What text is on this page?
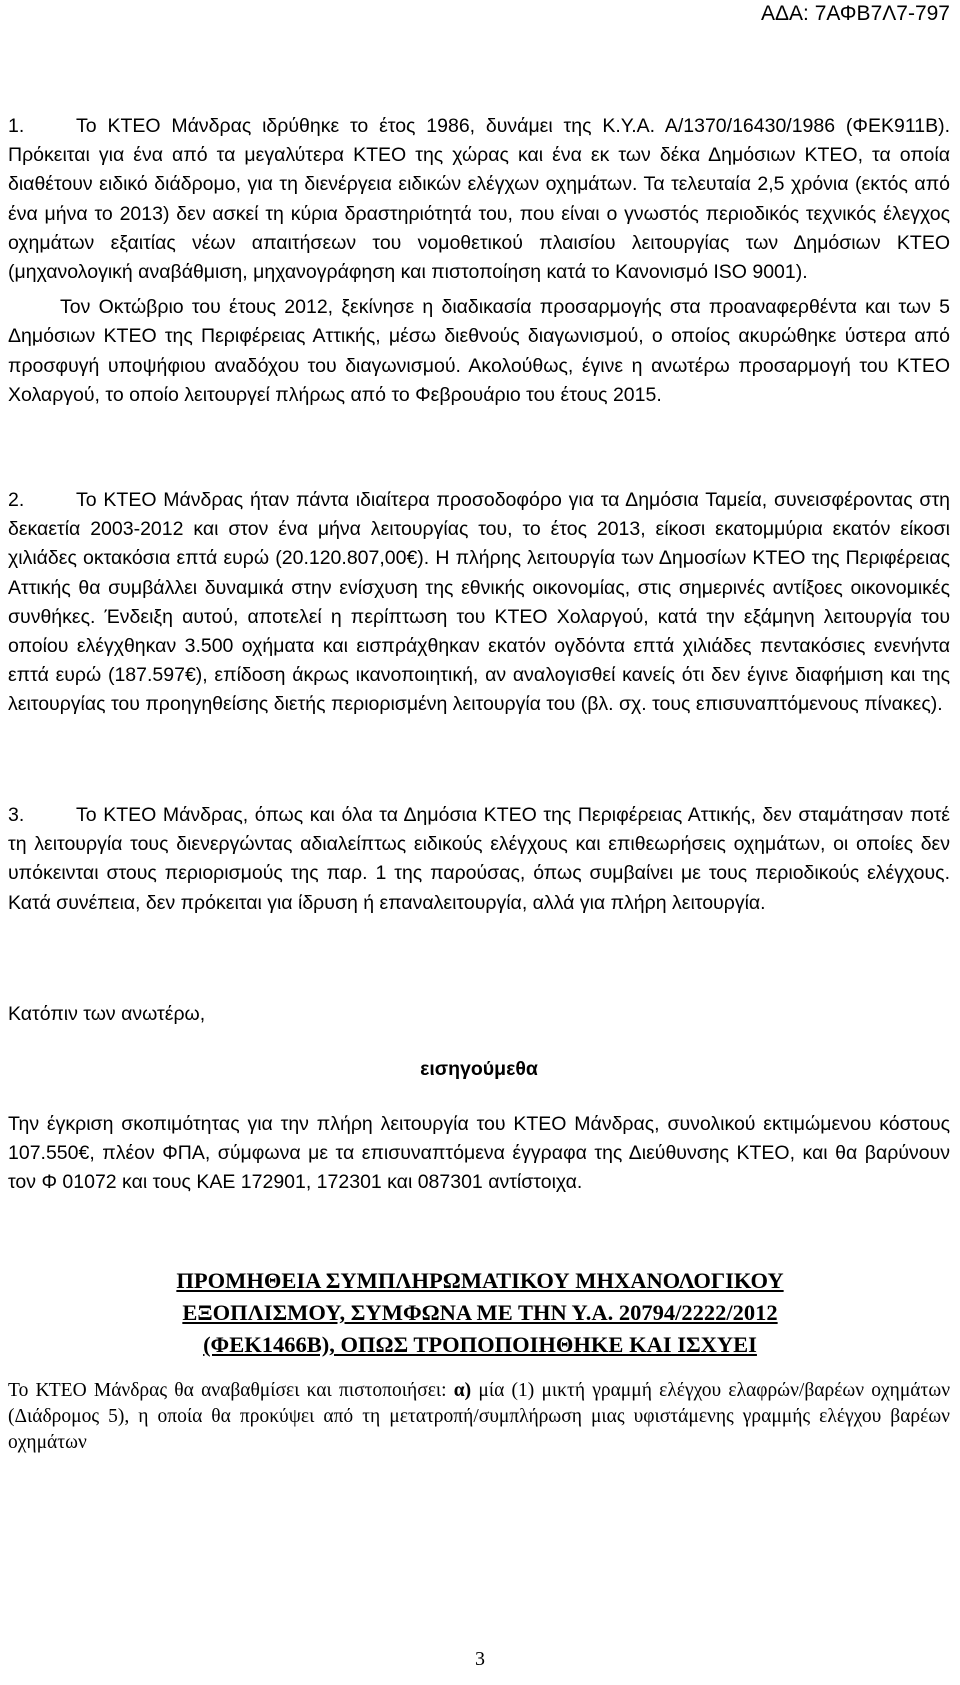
ΑΔΑ: 7ΑΦΒ7Λ7-797

1.	Το ΚΤΕΟ Μάνδρας ιδρύθηκε το έτος 1986, δυνάμει της Κ.Υ.Α. Α/1370/16430/1986 (ΦΕΚ911Β). Πρόκειται για ένα από τα μεγαλύτερα ΚΤΕΟ της χώρας και ένα εκ των δέκα Δημόσιων ΚΤΕΟ, τα οποία διαθέτουν ειδικό διάδρομο, για τη διενέργεια ειδικών ελέγχων οχημάτων. Τα τελευταία 2,5 χρόνια (εκτός από ένα μήνα το 2013) δεν ασκεί τη κύρια δραστηριότητά του, που είναι ο γνωστός περιοδικός τεχνικός έλεγχος οχημάτων εξαιτίας νέων απαιτήσεων του νομοθετικού πλαισίου λειτουργίας των Δημόσιων ΚΤΕΟ (μηχανολογική αναβάθμιση, μηχανογράφηση και πιστοποίηση κατά το Κανονισμό ISO 9001).

Τον Οκτώβριο του έτους 2012, ξεκίνησε η διαδικασία προσαρμογής στα προαναφερθέντα και των 5 Δημόσιων ΚΤΕΟ της Περιφέρειας Αττικής, μέσω διεθνούς διαγωνισμού, ο οποίος ακυρώθηκε ύστερα από προσφυγή υποψήφιου αναδόχου του διαγωνισμού. Ακολούθως, έγινε η ανωτέρω προσαρμογή του ΚΤΕΟ Χολαργού, το οποίο λειτουργεί πλήρως από το Φεβρουάριο του έτους 2015.

2.	Το ΚΤΕΟ Μάνδρας ήταν πάντα ιδιαίτερα προσοδοφόρο για τα Δημόσια Ταμεία, συνεισφέροντας στη δεκαετία 2003-2012 και στον ένα μήνα λειτουργίας του, το έτος 2013, είκοσι εκατομμύρια εκατόν είκοσι χιλιάδες οκτακόσια επτά ευρώ (20.120.807,00€). Η πλήρης λειτουργία των Δημοσίων ΚΤΕΟ της Περιφέρειας Αττικής θα συμβάλλει δυναμικά στην ενίσχυση της εθνικής οικονομίας, στις σημερινές αντίξοες οικονομικές συνθήκες. Ένδειξη αυτού, αποτελεί η περίπτωση του ΚΤΕΟ Χολαργού, κατά την εξάμηνη λειτουργία του οποίου ελέγχθηκαν 3.500 οχήματα και εισπράχθηκαν εκατόν ογδόντα επτά χιλιάδες πεντακόσιες ενενήντα επτά ευρώ (187.597€), επίδοση άκρως ικανοποιητική, αν αναλογισθεί κανείς ότι δεν έγινε διαφήμιση και της λειτουργίας του προηγηθείσης διετής περιορισμένη λειτουργία του (βλ. σχ. τους επισυναπτόμενους πίνακες).

3.	Το ΚΤΕΟ Μάνδρας, όπως και όλα τα Δημόσια ΚΤΕΟ της Περιφέρειας Αττικής, δεν σταμάτησαν ποτέ τη λειτουργία τους διενεργώντας αδιαλείπτως ειδικούς ελέγχους και επιθεωρήσεις οχημάτων, οι οποίες δεν υπόκεινται στους περιορισμούς της παρ. 1 της παρούσας, όπως συμβαίνει με τους περιοδικούς ελέγχους. Κατά συνέπεια, δεν πρόκειται για ίδρυση ή επαναλειτουργία, αλλά για πλήρη λειτουργία.

Κατόπιν των ανωτέρω,
εισηγούμεθα
Την έγκριση σκοπιμότητας για την πλήρη λειτουργία του ΚΤΕΟ Μάνδρας, συνολικού εκτιμώμενου κόστους 107.550€, πλέον ΦΠΑ, σύμφωνα με τα επισυναπτόμενα έγγραφα της Διεύθυνσης ΚΤΕΟ, και θα βαρύνουν τον Φ 01072 και τους ΚΑΕ 172901, 172301 και 087301 αντίστοιχα.
ΠΡΟΜΗΘΕΙΑ ΣΥΜΠΛΗΡΩΜΑΤΙΚΟΥ ΜΗΧΑΝΟΛΟΓΙΚΟΥ
ΕΞΟΠΛΙΣΜΟΥ, ΣΥΜΦΩΝΑ ΜΕ ΤΗΝ Υ.Α. 20794/2222/2012
(ΦΕΚ1466Β), ΟΠΩΣ ΤΡΟΠΟΠΟΙΗΘΗΚΕ ΚΑΙ ΙΣΧΥΕΙ
Το ΚΤΕΟ Μάνδρας θα αναβαθμίσει και πιστοποιήσει: α) μία (1) μικτή γραμμή ελέγχου ελαφρών/βαρέων οχημάτων (Διάδρομος 5), η οποία θα προκύψει από τη μετατροπή/συμπλήρωση μιας υφιστάμενης γραμμής ελέγχου βαρέων οχημάτων
3
